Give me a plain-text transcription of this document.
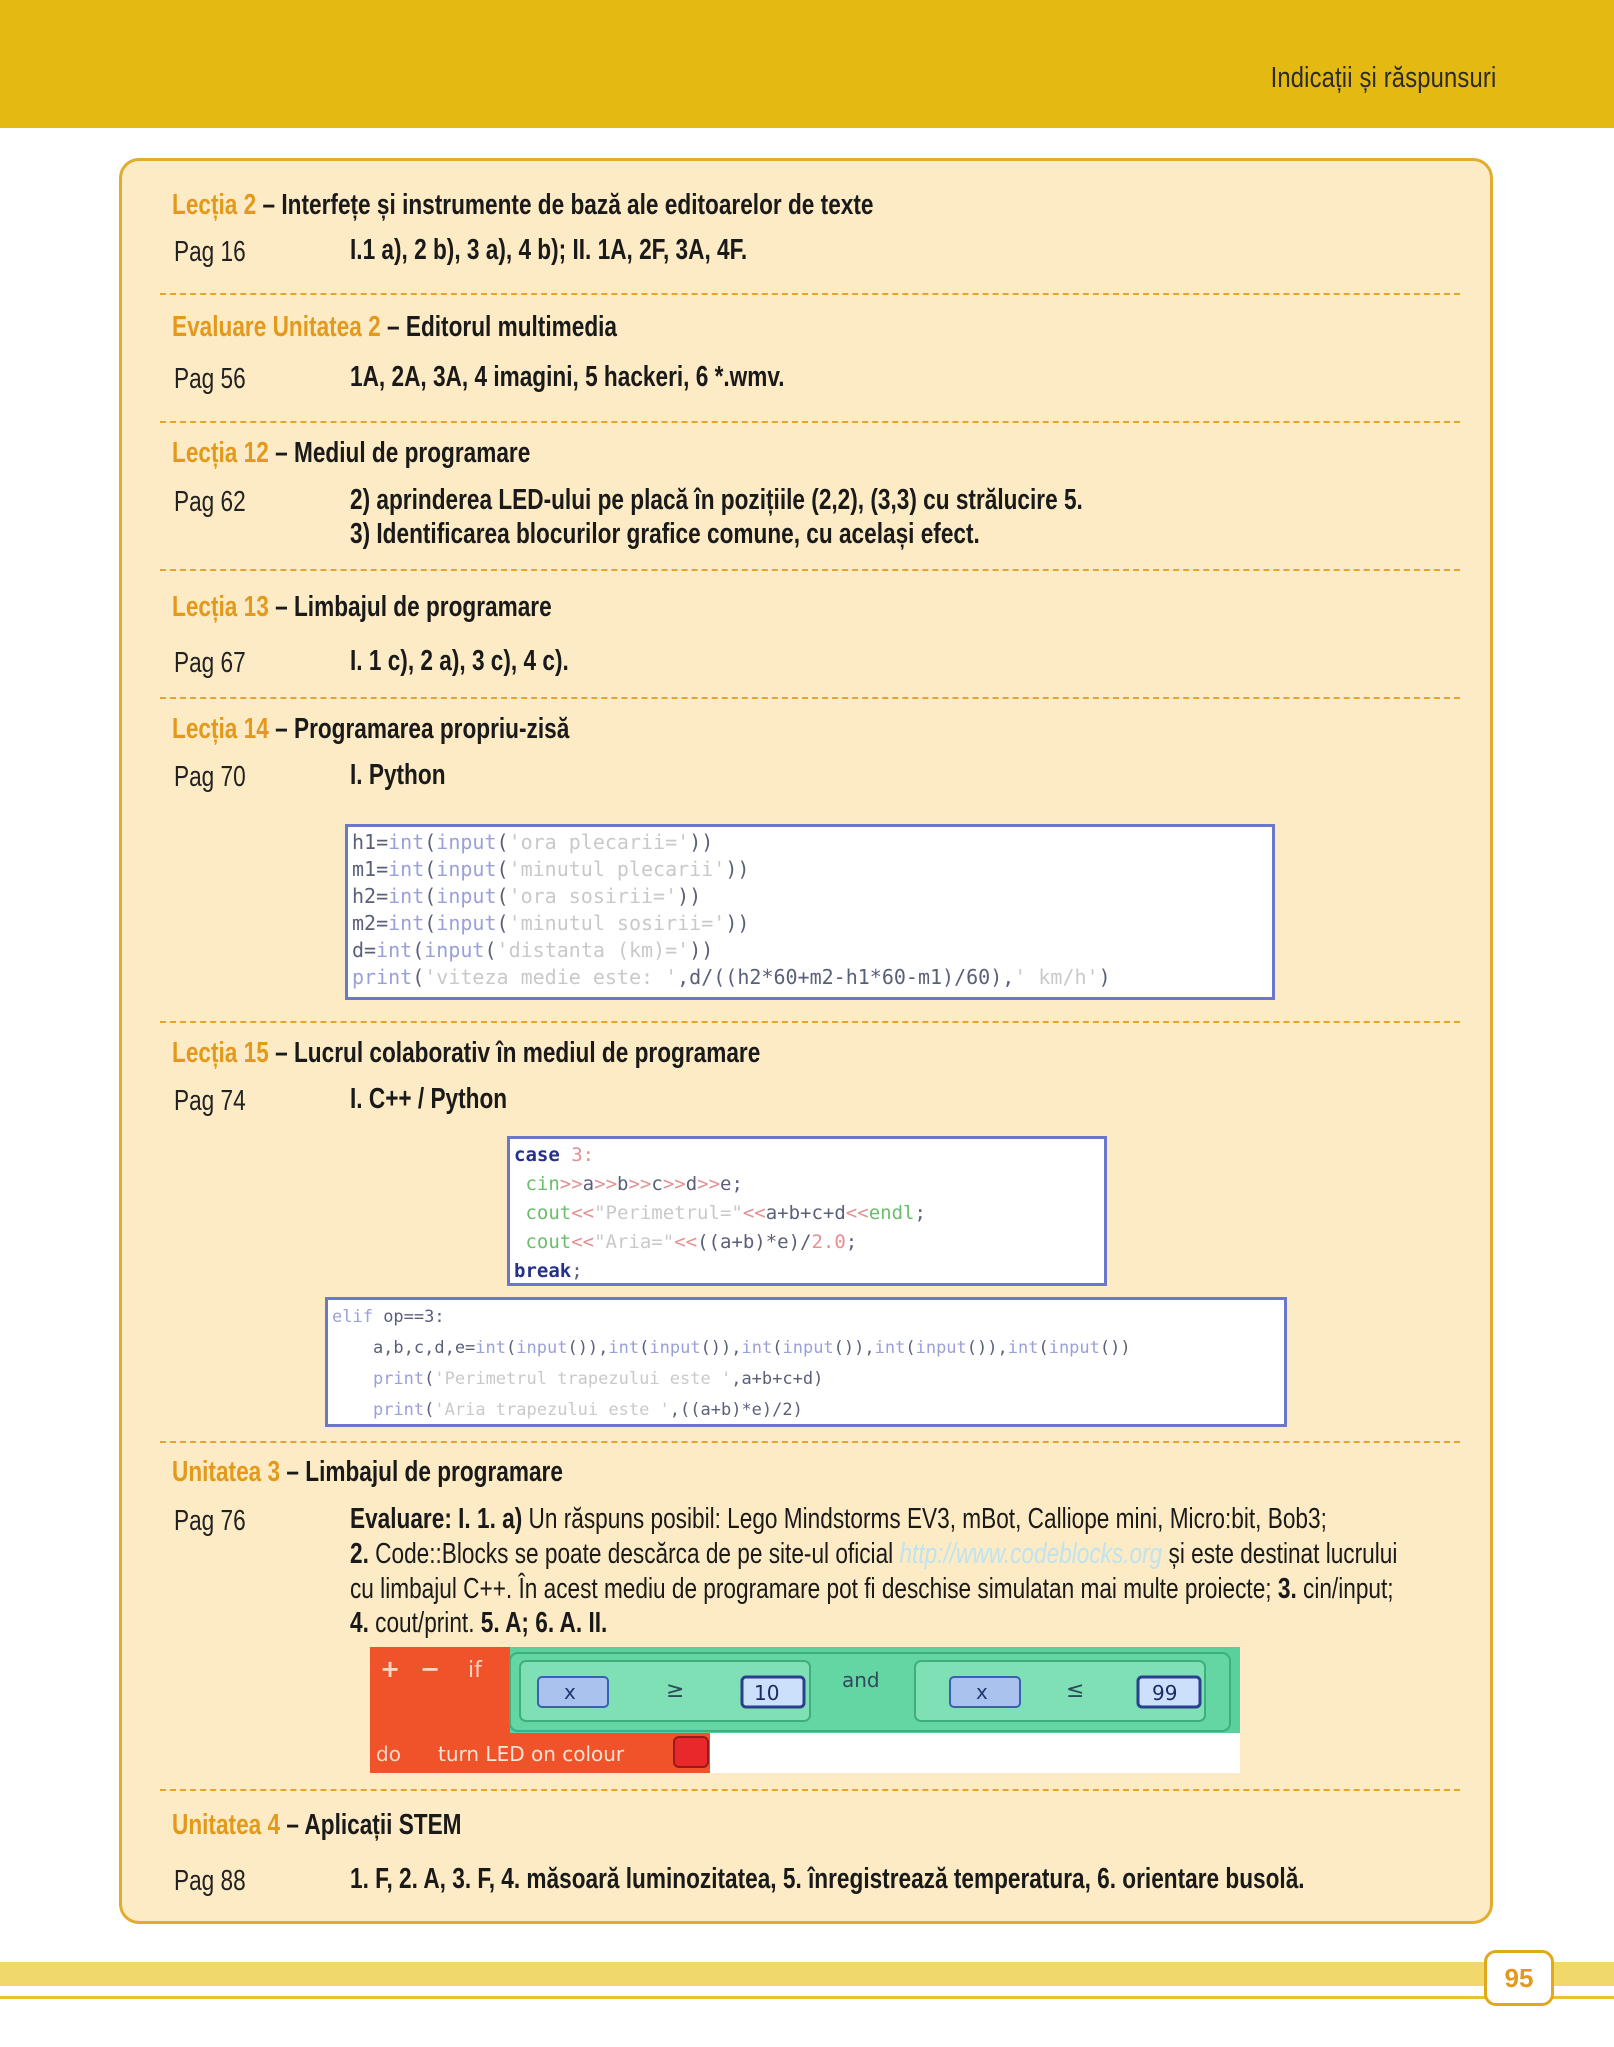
Indicații și răspunsuri
Lecția 2 – Interfețe și instrumente de bază ale editoarelor de texte
Pag 16	I.1 a), 2 b), 3 a), 4 b); II. 1A, 2F, 3A, 4F.
Evaluare Unitatea 2 – Editorul multimedia
Pag 56	1A, 2A, 3A, 4 imagini, 5 hackeri, 6 *.wmv.
Lecția 12 – Mediul de programare
Pag 62	2) aprinderea LED-ului pe placă în pozițiile (2,2), (3,3) cu strălucire 5.
3) Identificarea blocurilor grafice comune, cu același efect.
Lecția 13 – Limbajul de programare
Pag 67	I. 1 c), 2 a), 3 c), 4 c).
Lecția 14 – Programarea propriu-zisă
Pag 70	I. Python
h1=int(input('ora plecarii='))
m1=int(input('minutul plecarii'))
h2=int(input('ora sosirii='))
m2=int(input('minutul sosirii='))
d=int(input('distanta (km)='))
print('viteza medie este: ',d/((h2*60+m2-h1*60-m1)/60),' km/h')
Lecția 15 – Lucrul colaborativ în mediul de programare
Pag 74	I. C++ / Python
case 3:
cin>>a>>b>>c>>d>>e;
cout<<"Perimetrul="<<a+b+c+d<<endl;
cout<<"Aria="<<((a+b)*e)/2.0;
break;
elif op==3:
a,b,c,d,e=int(input()),int(input()),int(input()),int(input()),int(input())
print('Perimetrul trapezului este ',a+b+c+d)
print('Aria trapezului este ',((a+b)*e)/2)
Unitatea 3 – Limbajul de programare
Pag 76	Evaluare: I. 1. a) Un răspuns posibil: Lego Mindstorms EV3, mBot, Calliope mini, Micro:bit, Bob3;
2. Code::Blocks se poate descărca de pe site-ul oficial http://www.codeblocks.org și este destinat lucrului
cu limbajul C++. În acest mediu de programare pot fi deschise simulatan mai multe proiecte; 3. cin/input;
4. cout/print. 5. A; 6. A. II.
+ − if
x	≥	10
and	x	≤	99
do turn LED on colour
Unitatea 4 – Aplicații STEM
Pag 88	1. F, 2. A, 3. F, 4. măsoară luminozitatea, 5. înregistrează temperatura, 6. orientare busolă.
95
